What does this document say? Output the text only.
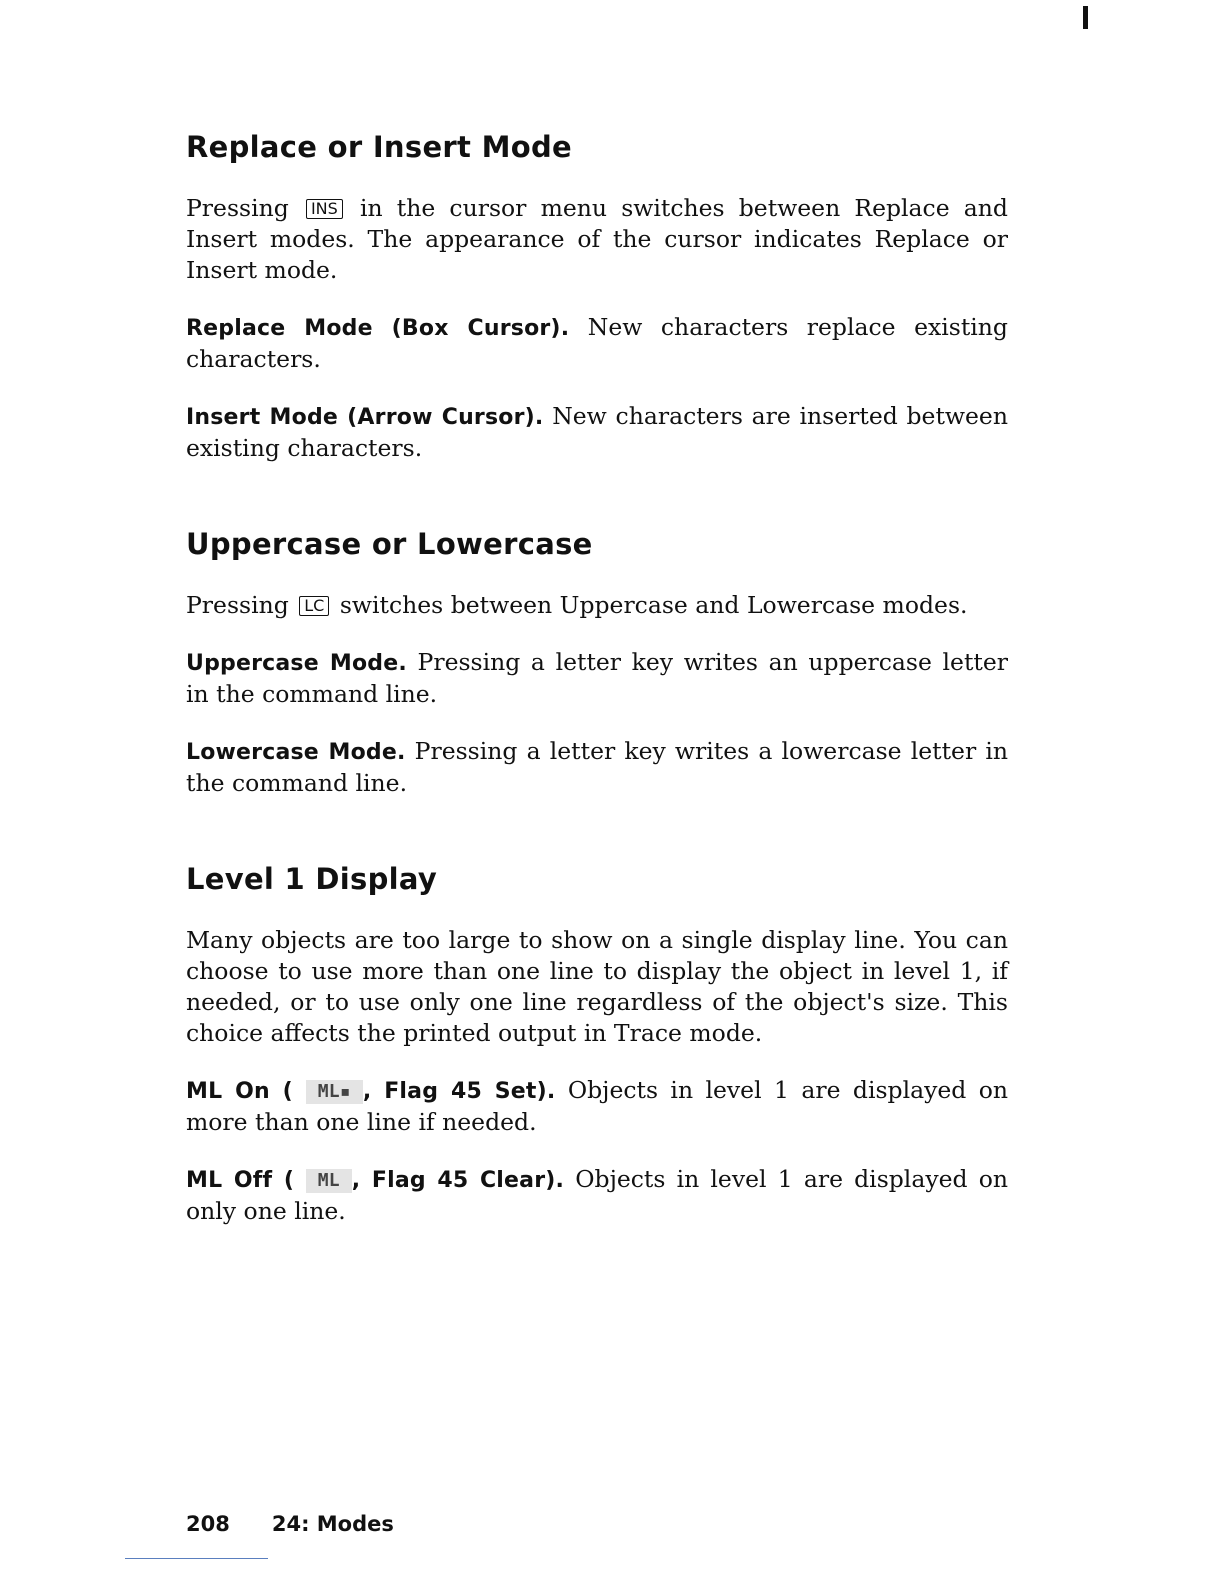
Replace or Insert Mode

Pressing INS in the cursor menu switches between Replace and Insert modes. The appearance of the cursor indicates Replace or Insert mode.

Replace Mode (Box Cursor). New characters replace existing characters.

Insert Mode (Arrow Cursor). New characters are inserted between existing characters.

Uppercase or Lowercase

Pressing LC switches between Uppercase and Lowercase modes.

Uppercase Mode. Pressing a letter key writes an uppercase letter in the command line.

Lowercase Mode. Pressing a letter key writes a lowercase letter in the command line.

Level 1 Display

Many objects are too large to show on a single display line. You can choose to use more than one line to display the object in level 1, if needed, or to use only one line regardless of the object's size. This choice affects the printed output in Trace mode.

ML On ( ML▪ , Flag 45 Set). Objects in level 1 are displayed on more than one line if needed.

ML Off ( ML , Flag 45 Clear). Objects in level 1 are displayed on only one line.

208 24: Modes
